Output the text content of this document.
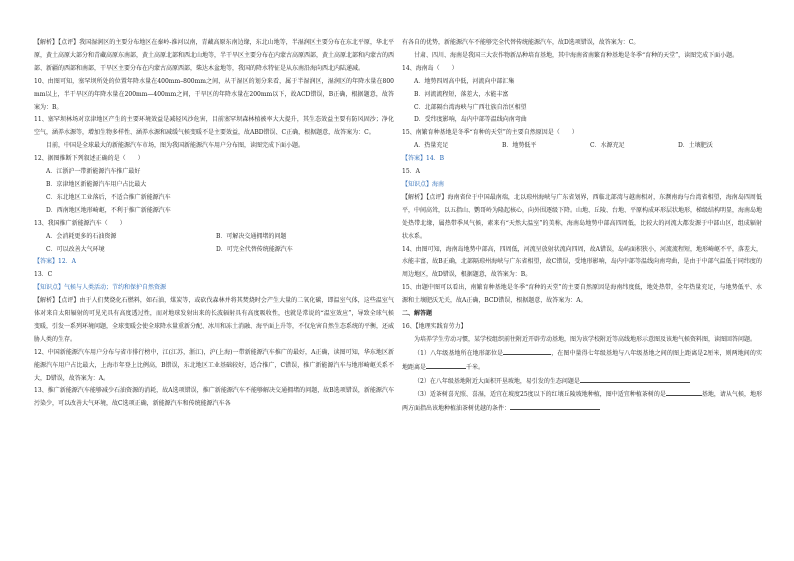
【解析】【点评】我国湿润区的主要分布地区在秦岭-淮河以南，青藏高原东南边缘，东北山地等，半湿润区主要分布在东北平原，华北平原，黄土高原大部分和青藏高原东南部，黄土高原北部和西北山地等，半干旱区主要分布在内蒙古高原西部，黄土高原北部和内蒙古的西部、新疆的西部和南部，干旱区主要分布在内蒙古高原西部，柴达木盆地等，我国的降水特征是从东南沿海向西北内陆递减。

10、由图可知，塞罕坝所处的位置年降水量在400mm–800mm之间，从干湿区的划分来看，属于半湿润区，湿润区的年降水量在800mm以上，半干旱区的年降水量在200mm—400mm之间，干旱区的年降水量在200mm以下，故ACD错误，B正确，根据题意，故答案为：B。

11、塞罕坝林场对京津地区产生的主要环境效益是减轻风沙危害，目前塞罕坝森林植被率大大提升，其生态效益主要有防风固沙；净化空气，涵养水源等，增加生物多样性、涵养水源和减缓气候变暖不是主要效益，故ABD错误、C正确，根据题意，故答案为：C。

目前，中国是全球最大的新能源汽车市场，图为我国新能源汽车用户分布图，读图完成下面小题。

12、据图推断下列叙述正确的是（　　）

A．江浙沪一带新能源汽车推广最好

B．京津地区新能源汽车用户占比最大

C．东北地区工业落后，不适合推广新能源汽车

D．西南地区地形崎岖，不利于推广新能源汽车

13、我国推广新能源汽车（　　）

A．会消耗更多的石油资源	B．可解决交通拥堵的问题
C．可以改善大气环境	D．可完全代替传统能源汽车

【答案】12．A

13．C

【知识点】气候与人类活动；节约和保护自然资源

【解析】【点评】由于人们焚烧化石燃料，如石油，煤炭等，或砍伐森林并将其焚烧时会产生大量的二氧化碳，即温室气体，这些温室气体对来自太阳辐射的可见光具有高度透过性，而对地球发射出来的长波辐射具有高度吸收性，也就是常说的“温室效应”，导致全球气候变暖，引发一系列环境问题，全球变暖会使全球降水量重新分配、冰川和冻土消融、海平面上升等，不仅危害自然生态系统的平衡，还威胁人类的生存。

12、中国新能源汽车用户分布与省市排行榜中，江(江苏，浙江)，沪(上海)一带新能源汽车推广的最好，A正确，读图可知，华东地区新能源汽车用户占比最大，上海市年登上比例高，B错误，东北地区工业基础较好，适合推广，C错误，推广新能源汽车与地形崎岖关系不大，D错误，故答案为：A。

13、推广新能源汽车能够减少石油资源的消耗，故A选项错误，推广新能源汽车不能够解决交通拥堵的问题，故B选项错误，新能源汽车污染少，可以改善大气环境，故C选项正确，新能源汽车和传统能源汽车各

有各自的优势，新能源汽车不能够完全代替传统能源汽车，故D选项错误，故答案为：C。

甘肃、四川、海南是我国三大农作物新品种培育基地，其中海南省南繁育种基地是冬季“育种的天堂”，读图完成下面小题。

14、海南岛（　　）

A．地势四周高中低，河流向中部汇集

B．河流流程短，落差大，水能丰富

C．北部隔台湾海峡与广西壮族自治区相望

D．受纬度影响，岛内中部等温线向南弯曲

15、南繁育种基地是冬季“育种的天堂”的主要自然原因是（　　）

A．热量充足	B．地势低平	C．水源充足	D．土壤肥沃

【答案】14．B

15．A

【知识点】海南

【解析】【点评】海南省位于中国最南端，北以琼州海峡与广东省划界，西临北部湾与越南相对，东濒南海与台湾省相望，海南岛四周低平，中间高耸，以五指山、鹦哥岭为隆起核心，向外围逐级下降。山地、丘陵、台地、平原构成环形层状地形，梯级结构明显，海南岛地处热带北缘，属热带季风气候，素来有“天然大温室”的美称，海南岛地势中部高四周低，比较大的河流大都发源于中部山区，组成辐射状水系。

14、由图可知，海南岛地势中部高，四周低，河流呈放射状流向四周，故A错误，岛屿面积狭小，河流流程短，地形崎岖不平，落差大，水能丰富，故B正确，北部隔琼州海峡与广东省相望，故C错误，受地形影响，岛内中部等温线向南弯曲，是由于中部气温低于同纬度的周边地区，故D错误，根据题意，故答案为：B。

15、由题中图可以看出，南繁育种基地是冬季“育种的天堂”的主要自然原因是海南纬度低，地处热带，全年热量充足，与地势低平、水源和土壤肥沃无关，故A正确，BCD错误，根据题意，故答案为：A。

二、解答题

16、【地理实践育劳力】

为培养学生劳动习惯，某学校组织前往附近开辟劳动基地，图为该学校附近等高线地形示意图及该地气候资料图，读图回答问题。

（1）八年级基地所在地形部位是	，在图中量得七年级基地与八年级基地之间的图上距离是2厘米，则两地间的实地距离是	千米。

（2）在八年级基地附近大面积开垦坡地，易引发的生态问题是

（3）适茶树喜光照、喜湿，适宜在坡度25度以下的红壤丘陵坡地种植，图中适宜种植茶树的是	基地，请从气候，地形两方面指出该地种植油茶树优越的条件：
